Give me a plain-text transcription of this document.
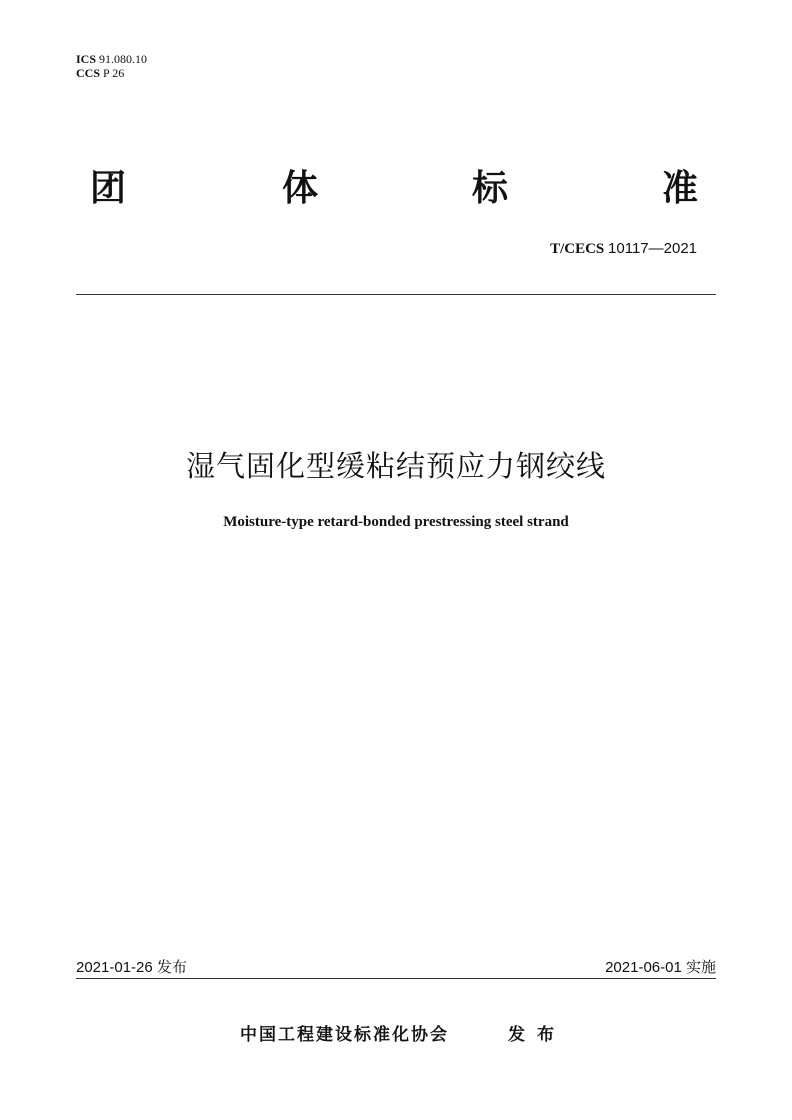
ICS 91.080.10
CCS P 26
团	体	标	准
T/CECS 10117—2021
湿气固化型缓粘结预应力钢绞线
Moisture-type retard-bonded prestressing steel strand
2021-01-26 发布	2021-06-01 实施
中国工程建设标准化协会	发布
